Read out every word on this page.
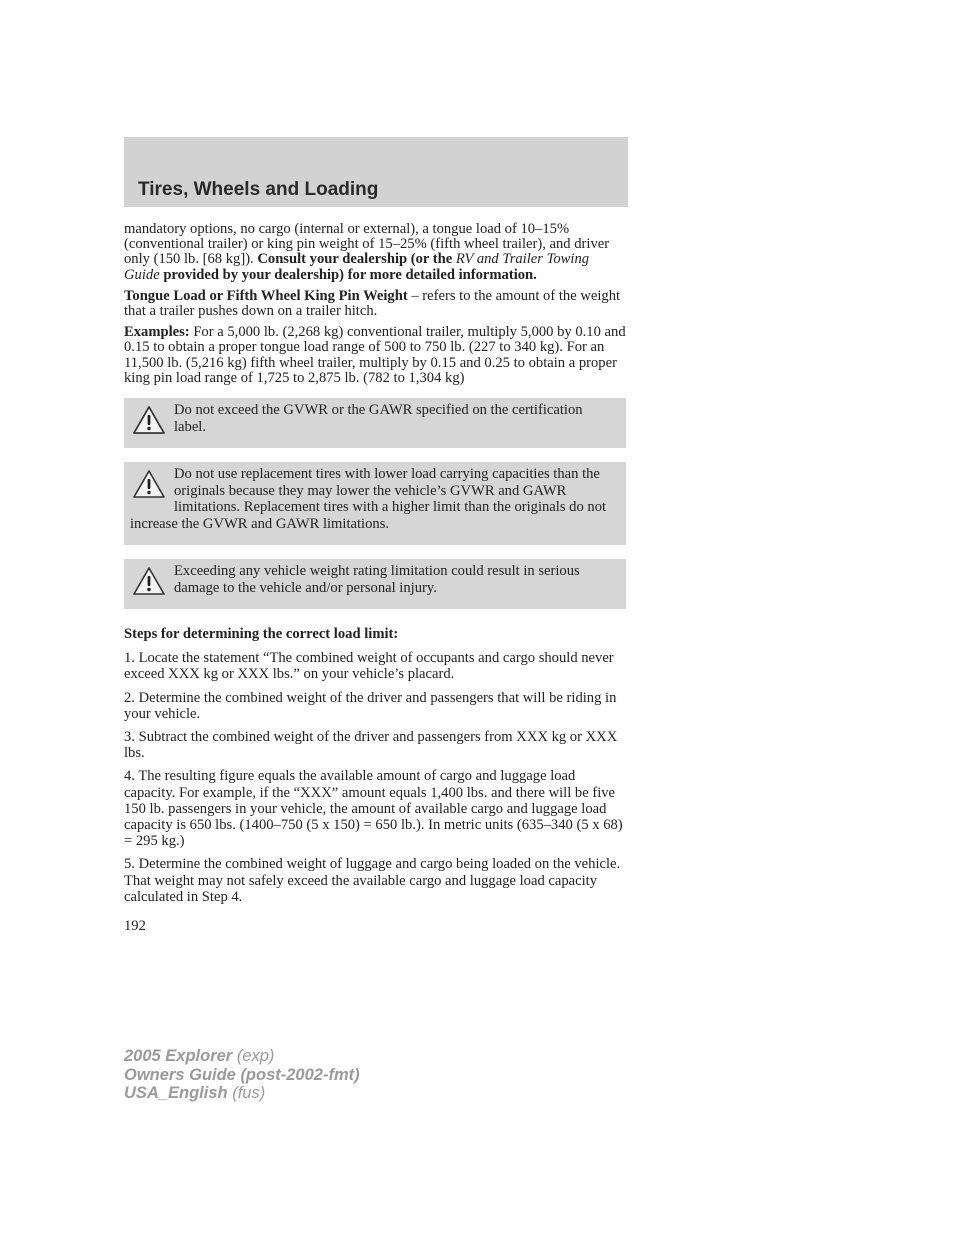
Tires, Wheels and Loading

mandatory options, no cargo (internal or external), a tongue load of 10–15% (conventional trailer) or king pin weight of 15–25% (fifth wheel trailer), and driver only (150 lb. [68 kg]). Consult your dealership (or the RV and Trailer Towing Guide provided by your dealership) for more detailed information.

Tongue Load or Fifth Wheel King Pin Weight – refers to the amount of the weight that a trailer pushes down on a trailer hitch.

Examples: For a 5,000 lb. (2,268 kg) conventional trailer, multiply 5,000 by 0.10 and 0.15 to obtain a proper tongue load range of 500 to 750 lb. (227 to 340 kg). For an 11,500 lb. (5,216 kg) fifth wheel trailer, multiply by 0.15 and 0.25 to obtain a proper king pin load range of 1,725 to 2,875 lb. (782 to 1,304 kg)

Do not exceed the GVWR or the GAWR specified on the certification label.

Do not use replacement tires with lower load carrying capacities than the originals because they may lower the vehicle’s GVWR and GAWR limitations. Replacement tires with a higher limit than the originals do not increase the GVWR and GAWR limitations.

Exceeding any vehicle weight rating limitation could result in serious damage to the vehicle and/or personal injury.

Steps for determining the correct load limit:

1. Locate the statement “The combined weight of occupants and cargo should never exceed XXX kg or XXX lbs.” on your vehicle’s placard.

2. Determine the combined weight of the driver and passengers that will be riding in your vehicle.

3. Subtract the combined weight of the driver and passengers from XXX kg or XXX lbs.

4. The resulting figure equals the available amount of cargo and luggage load capacity. For example, if the “XXX” amount equals 1,400 lbs. and there will be five 150 lb. passengers in your vehicle, the amount of available cargo and luggage load capacity is 650 lbs. (1400–750 (5 x 150) = 650 lb.). In metric units (635–340 (5 x 68) = 295 kg.)

5. Determine the combined weight of luggage and cargo being loaded on the vehicle. That weight may not safely exceed the available cargo and luggage load capacity calculated in Step 4.

192

2005 Explorer (exp)
Owners Guide (post-2002-fmt)
USA_English (fus)
